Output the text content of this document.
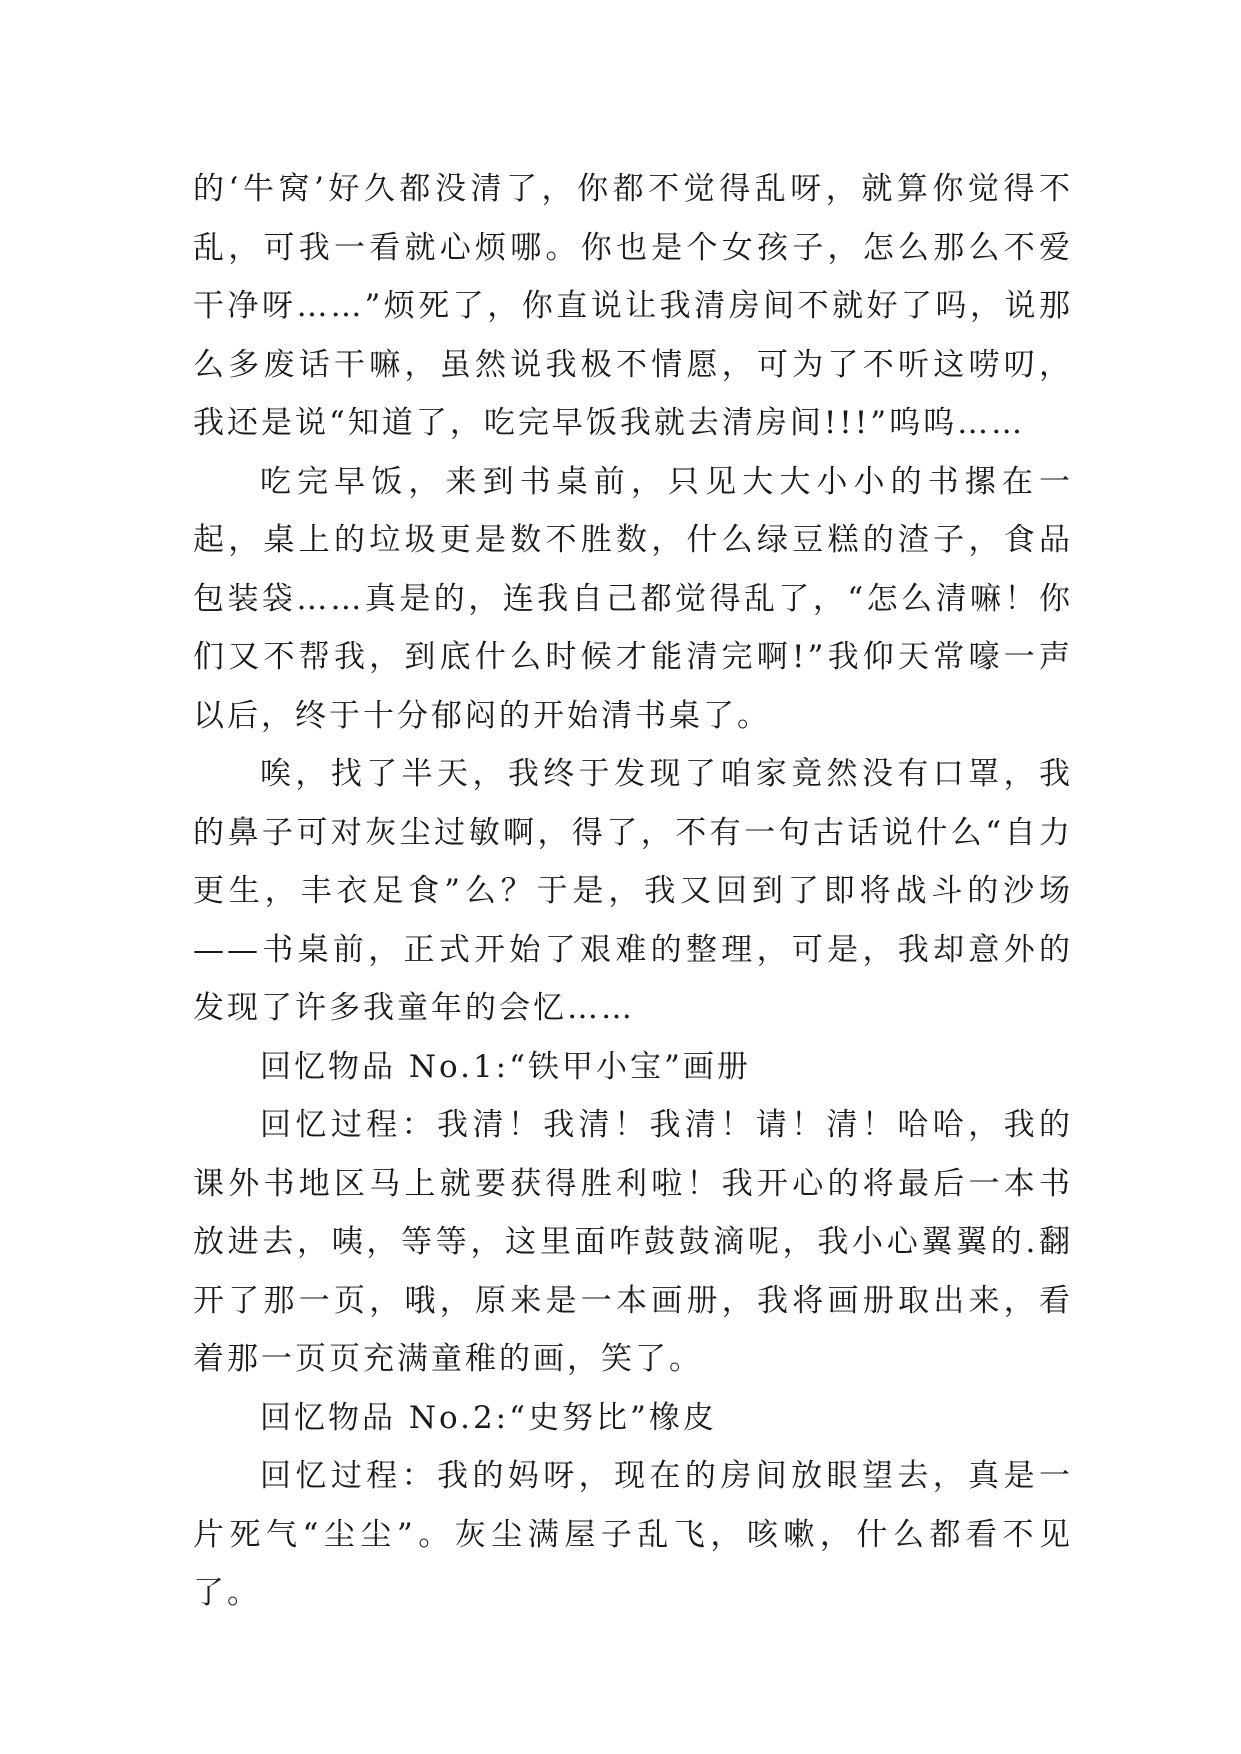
的‘牛窝’好久都没清了，你都不觉得乱呀，就算你觉得不乱，可我一看就心烦哪。你也是个女孩子，怎么那么不爱干净呀……”烦死了，你直说让我清房间不就好了吗，说那么多废话干嘛，虽然说我极不情愿，可为了不听这唠叨，我还是说“知道了，吃完早饭我就去清房间!!!”呜呜……

吃完早饭，来到书桌前，只见大大小小的书摞在一起，桌上的垃圾更是数不胜数，什么绿豆糕的渣子，食品包装袋……真是的，连我自己都觉得乱了，“怎么清嘛！你们又不帮我，到底什么时候才能清完啊!”我仰天常嚎一声以后，终于十分郁闷的开始清书桌了。

唉，找了半天，我终于发现了咱家竟然没有口罩，我的鼻子可对灰尘过敏啊，得了，不有一句古话说什么“自力更生，丰衣足食”么？于是，我又回到了即将战斗的沙场——书桌前，正式开始了艰难的整理，可是，我却意外的发现了许多我童年的会忆……

回忆物品 No.1:“铁甲小宝”画册

回忆过程：我清！我清！我清！请！清！哈哈，我的课外书地区马上就要获得胜利啦！我开心的将最后一本书放进去，咦，等等，这里面咋鼓鼓滴呢，我小心翼翼的.翻开了那一页，哦，原来是一本画册，我将画册取出来，看着那一页页充满童稚的画，笑了。

回忆物品 No.2:“史努比”橡皮

回忆过程：我的妈呀，现在的房间放眼望去，真是一片死气“尘尘”。灰尘满屋子乱飞，咳嗽，什么都看不见了。
